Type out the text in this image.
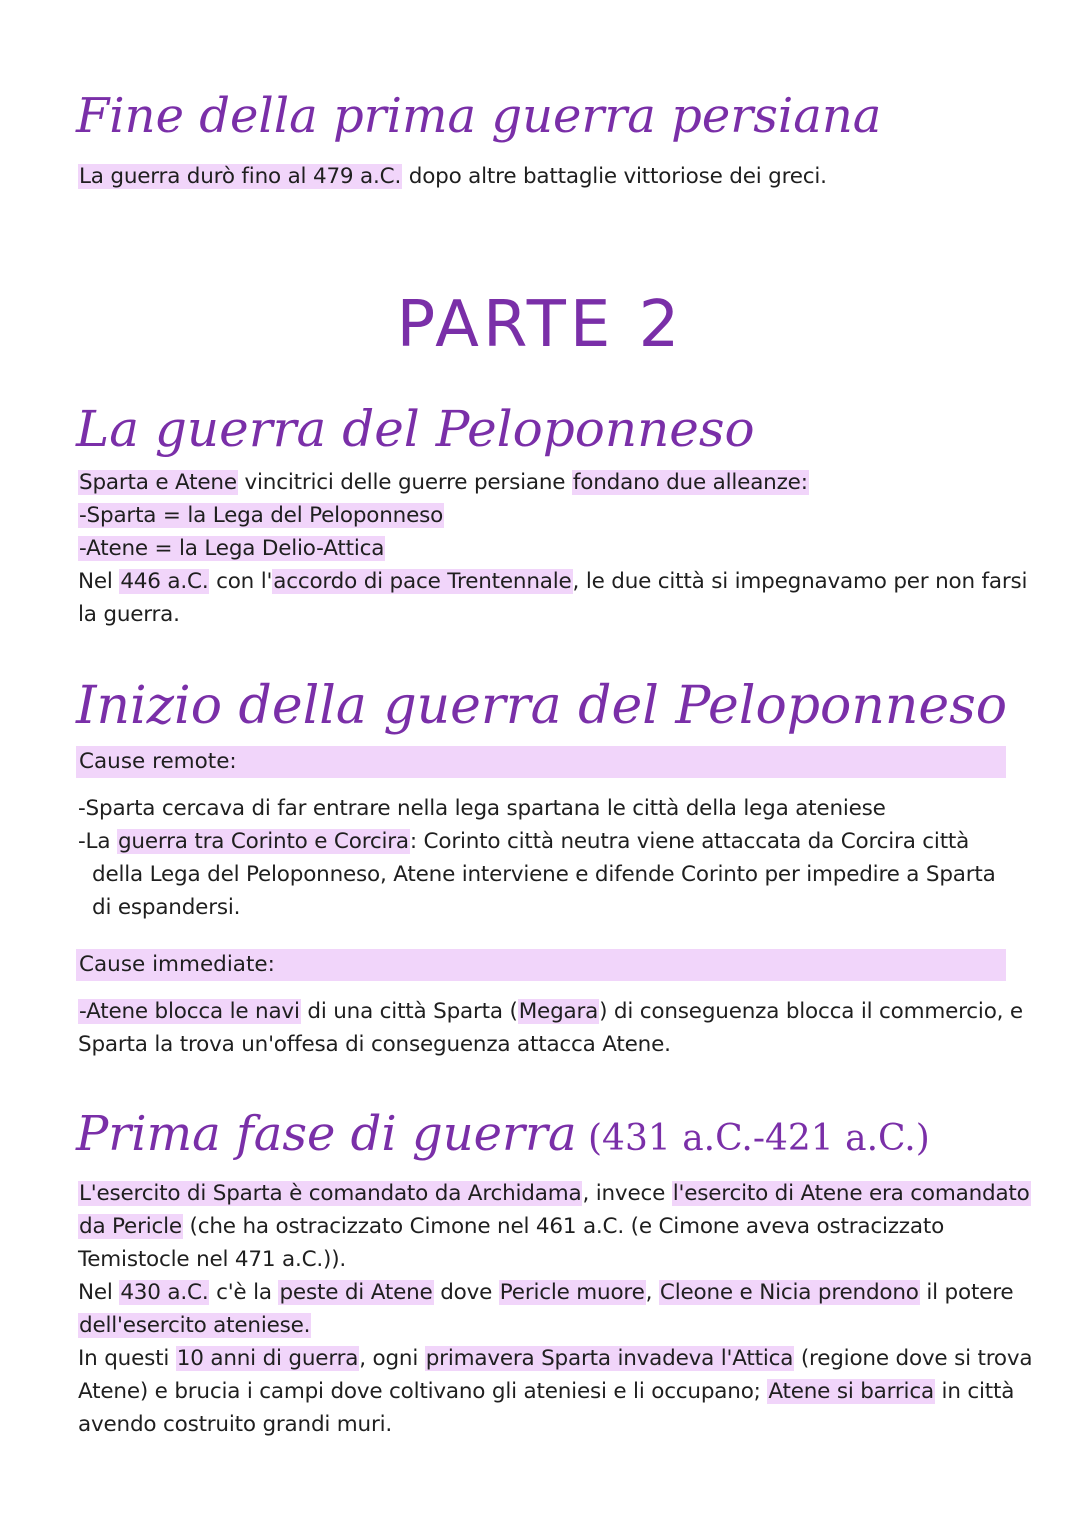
Fine della prima guerra persiana

La guerra durò fino al 479 a.C. dopo altre battaglie vittoriose dei greci.

PARTE 2
La guerra del Peloponneso

Sparta e Atene vincitrici delle guerre persiane fondano due alleanze:
-Sparta = la Lega del Peloponneso
-Atene = la Lega Delio-Attica
Nel 446 a.C. con l'accordo di pace Trentennale, le due città si impegnavamo per non farsi
la guerra.

Inizio della guerra del Peloponneso
Cause remote:

-Sparta cercava di far entrare nella lega spartana le città della lega ateniese
-La guerra tra Corinto e Corcira: Corinto città neutra viene attaccata da Corcira città
della Lega del Peloponneso, Atene interviene e difende Corinto per impedire a Sparta
di espandersi.

Cause immediate:

-Atene blocca le navi di una città Sparta (Megara) di conseguenza blocca il commercio, e
Sparta la trova un'offesa di conseguenza attacca Atene.

Prima fase di guerra (431 a.C.-421 a.C.)

L'esercito di Sparta è comandato da Archidama, invece l'esercito di Atene era comandato
da Pericle (che ha ostracizzato Cimone nel 461 a.C. (e Cimone aveva ostracizzato
Temistocle nel 471 a.C.)).
Nel 430 a.C. c'è la peste di Atene dove Pericle muore, Cleone e Nicia prendono il potere
dell'esercito ateniese.
In questi 10 anni di guerra, ogni primavera Sparta invadeva l'Attica (regione dove si trova
Atene) e brucia i campi dove coltivano gli ateniesi e li occupano; Atene si barrica in città
avendo costruito grandi muri.
